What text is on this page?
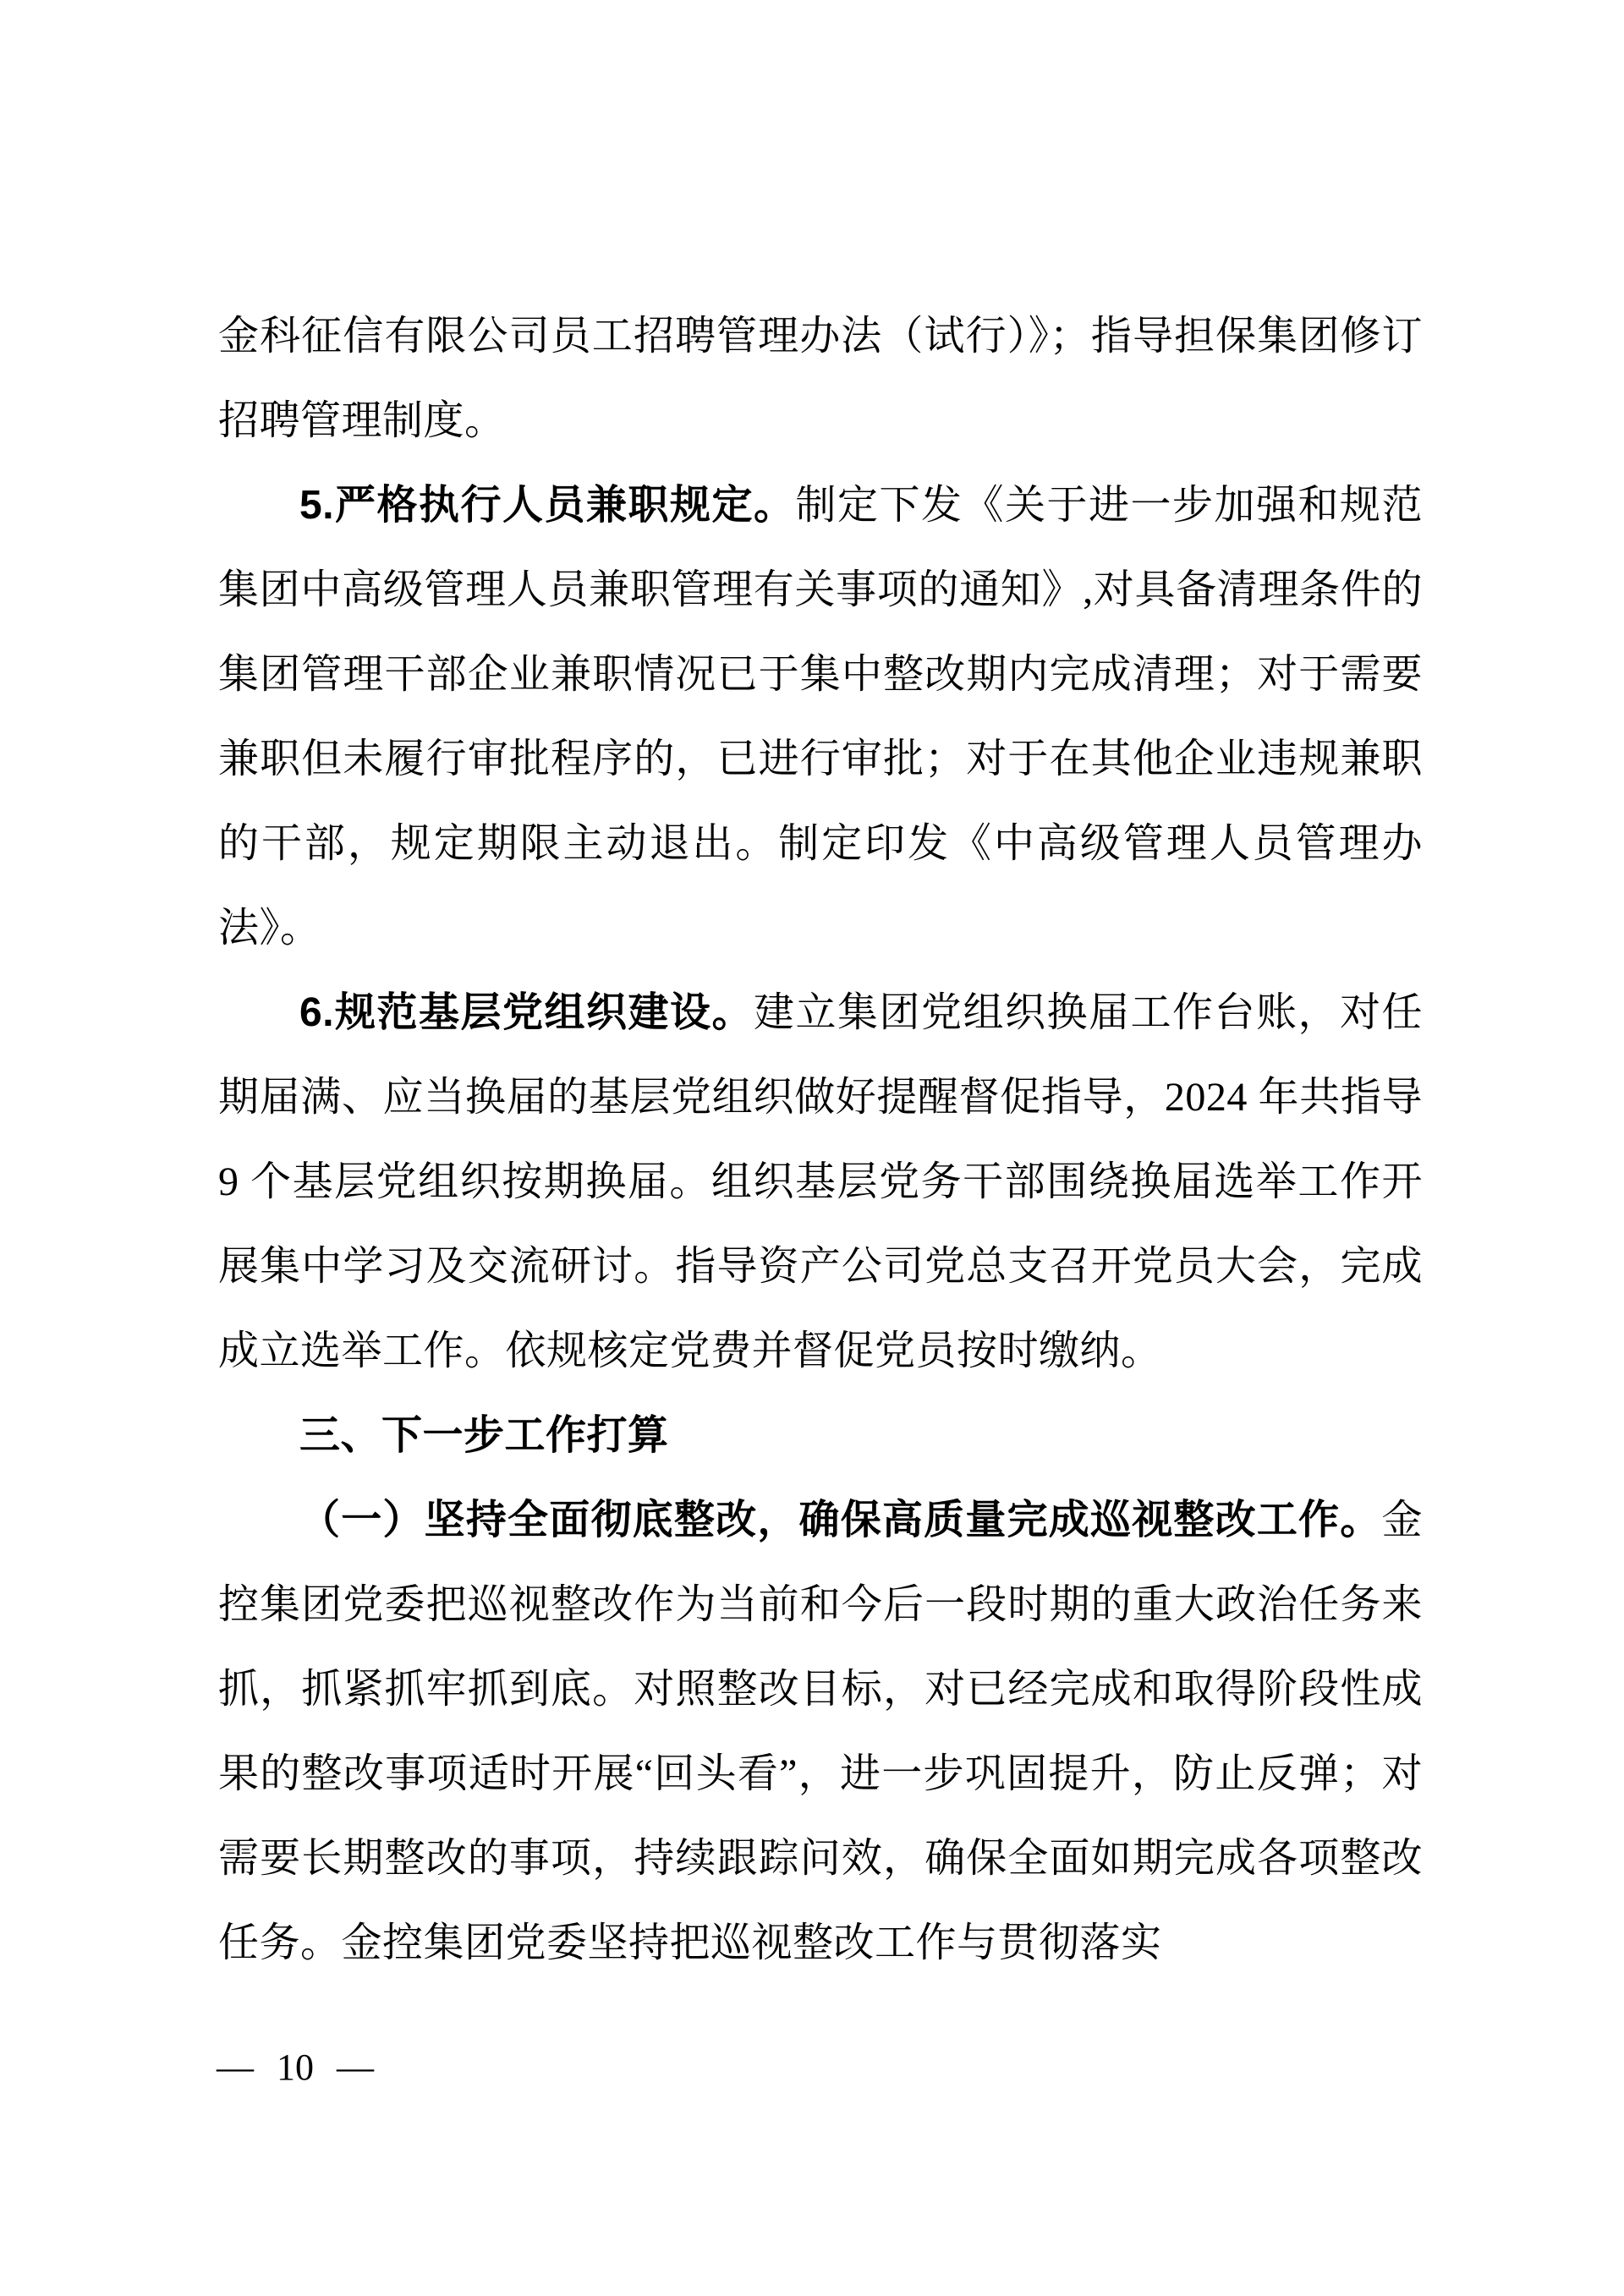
金科征信有限公司员工招聘管理办法（试行）》；指导担保集团修订招聘管理制度。
5.严格执行人员兼职规定。制定下发《关于进一步加强和规范集团中高级管理人员兼职管理有关事项的通知》,对具备清理条件的集团管理干部企业兼职情况已于集中整改期内完成清理；对于需要兼职但未履行审批程序的，已进行审批；对于在其他企业违规兼职的干部，规定期限主动退出。制定印发《中高级管理人员管理办法》。
6.规范基层党组织建设。建立集团党组织换届工作台账，对任期届满、应当换届的基层党组织做好提醒督促指导，2024 年共指导 9 个基层党组织按期换届。组织基层党务干部围绕换届选举工作开展集中学习及交流研讨。指导资产公司党总支召开党员大会，完成成立选举工作。依规核定党费并督促党员按时缴纳。
三、下一步工作打算
（一）坚持全面彻底整改，确保高质量完成巡视整改工作。金控集团党委把巡视整改作为当前和今后一段时期的重大政治任务来抓，抓紧抓牢抓到底。对照整改目标，对已经完成和取得阶段性成果的整改事项适时开展“回头看”，进一步巩固提升，防止反弹；对需要长期整改的事项，持续跟踪问效，确保全面如期完成各项整改任务。金控集团党委坚持把巡视整改工作与贯彻落实
— 10 —
